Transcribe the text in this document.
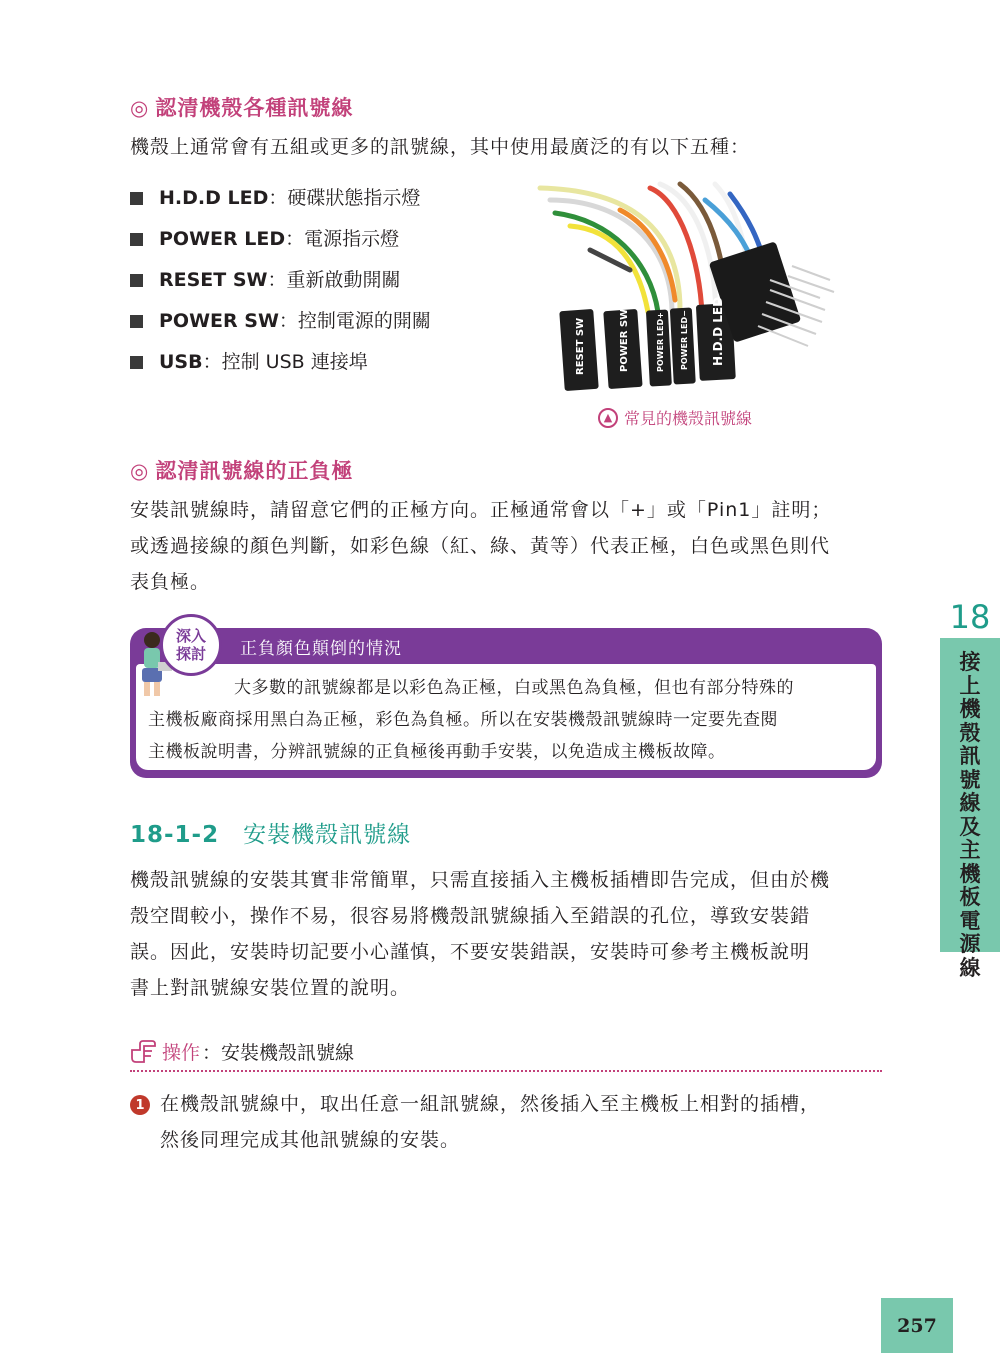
◎ 認清機殼各種訊號線

機殼上通常會有五組或更多的訊號線，其中使用最廣泛的有以下五種：

H.D.D LED ： 硬碟狀態指示燈
POWER LED ： 電源指示燈
RESET SW ： 重新啟動開關
POWER SW ： 控制電源的開關
USB ： 控制 USB 連接埠	RESET SW	POWER SW	POWER LED+ POWER LED− H.D.D LED
▲ 常見的機殼訊號線
◎ 認清訊號線的正負極
安裝訊號線時，請留意它們的正極方向。正極通常會以「+」或「Pin1」註明；
或透過接線的顏色判斷，如彩色線（紅、綠、黃等）代表正極，白色或黑色則代
表負極。
深入
探討 正負顏色顛倒的情況
大多數的訊號線都是以彩色為正極，白或黑色為負極，但也有部分特殊的
主機板廠商採用黑白為正極，彩色為負極。所以在安裝機殼訊號線時一定要先查閱
主機板說明書，分辨訊號線的正負極後再動手安裝，以免造成主機板故障。
18-1-2 安裝機殼訊號線
機殼訊號線的安裝其實非常簡單，只需直接插入主機板插槽即告完成，但由於機
殼空間較小，操作不易，很容易將機殼訊號線插入至錯誤的孔位，導致安裝錯
誤。因此，安裝時切記要小心謹慎，不要安裝錯誤，安裝時可參考主機板說明
書上對訊號線安裝位置的說明。
操作 ： 安裝機殼訊號線
1 在機殼訊號線中，取出任意一組訊號線，然後插入至主機板上相對的插槽，
然後同理完成其他訊號線的安裝。
18
接
上
機
殼
訊
號
線
及
主
機
板
電
源
線
257
